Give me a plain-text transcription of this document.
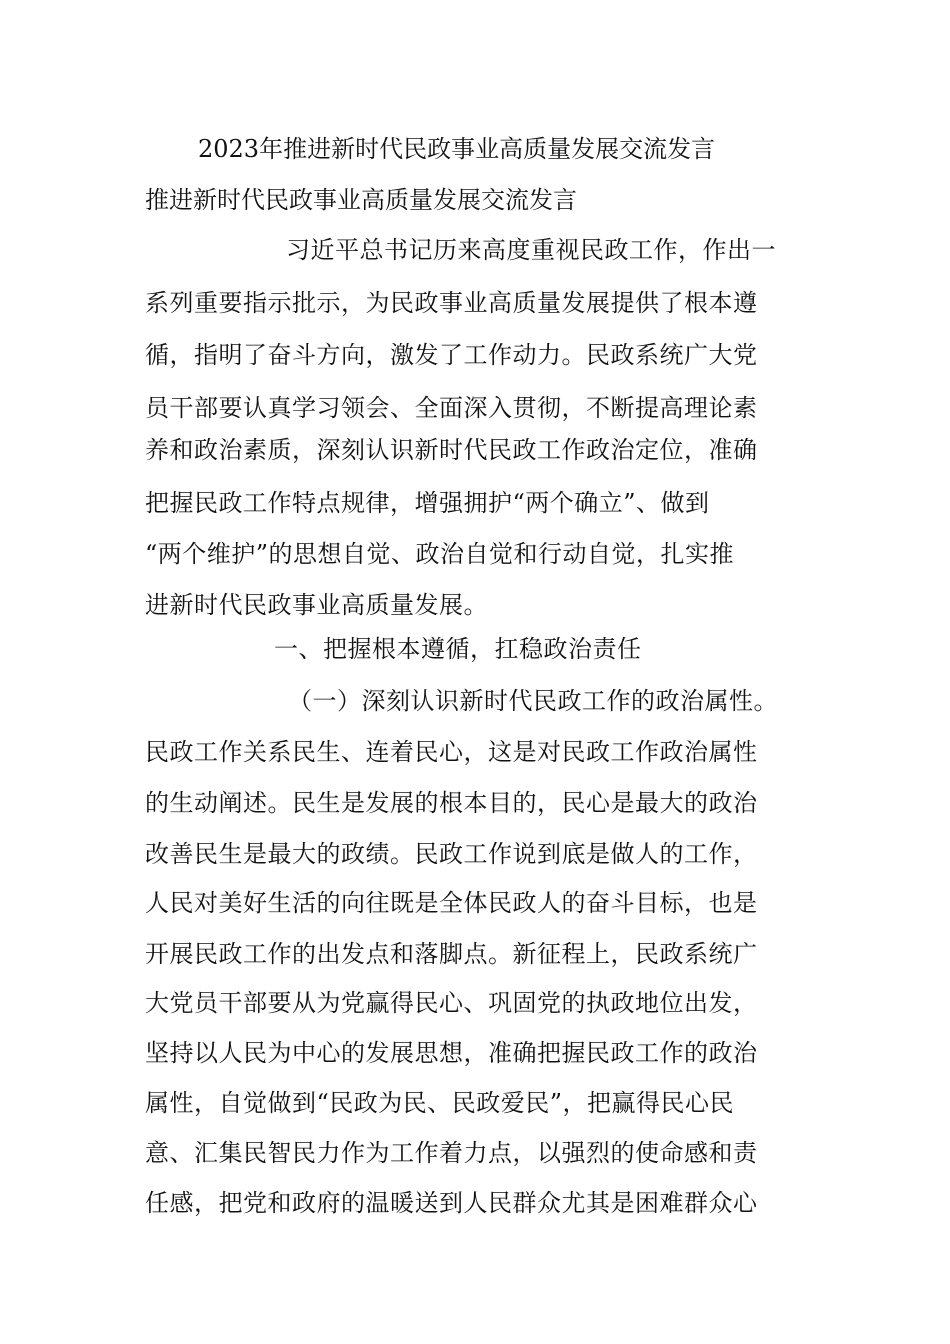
2023年推进新时代民政事业高质量发展交流发言
推进新时代民政事业高质量发展交流发言
习近平总书记历来高度重视民政工作，作出一
系列重要指示批示，为民政事业高质量发展提供了根本遵
循，指明了奋斗方向，激发了工作动力。民政系统广大党
员干部要认真学习领会、全面深入贯彻，不断提高理论素
养和政治素质，深刻认识新时代民政工作政治定位，准确
把握民政工作特点规律，增强拥护“两个确立”、做到
“两个维护”的思想自觉、政治自觉和行动自觉，扎实推
进新时代民政事业高质量发展。
一、把握根本遵循，扛稳政治责任
（一）深刻认识新时代民政工作的政治属性。
民政工作关系民生、连着民心，这是对民政工作政治属性
的生动阐述。民生是发展的根本目的，民心是最大的政治
改善民生是最大的政绩。民政工作说到底是做人的工作，
人民对美好生活的向往既是全体民政人的奋斗目标，也是
开展民政工作的出发点和落脚点。新征程上，民政系统广
大党员干部要从为党赢得民心、巩固党的执政地位出发，
坚持以人民为中心的发展思想，准确把握民政工作的政治
属性，自觉做到“民政为民、民政爱民”，把赢得民心民
意、汇集民智民力作为工作着力点，以强烈的使命感和责
任感，把党和政府的温暖送到人民群众尤其是困难群众心
